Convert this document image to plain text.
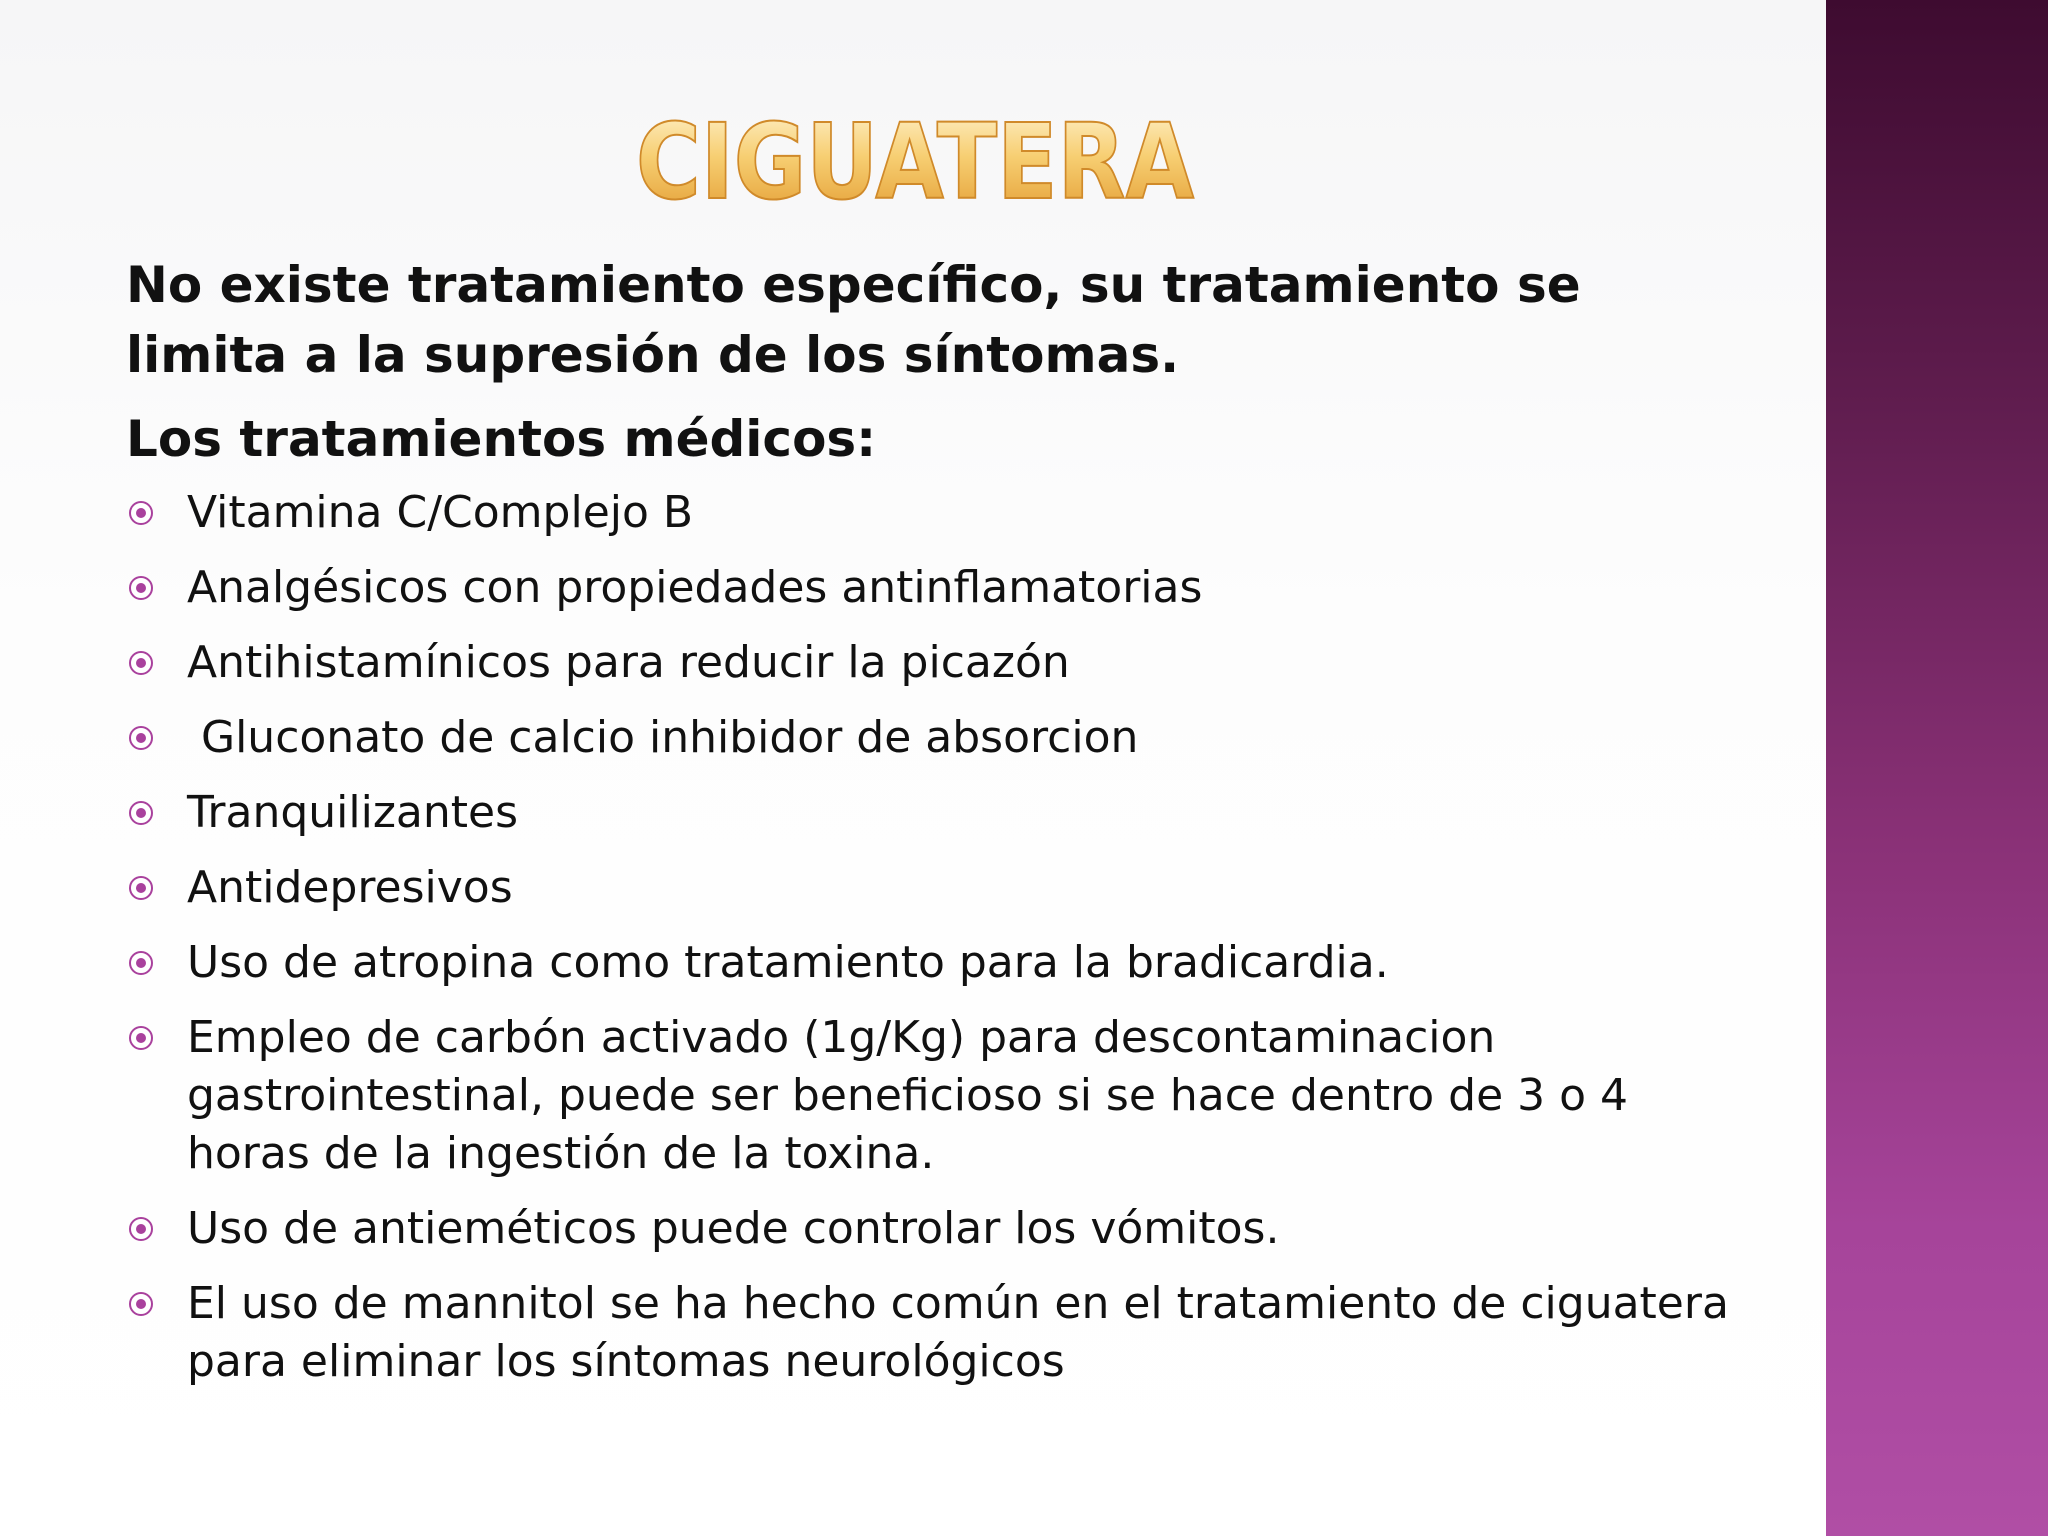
CIGUATERA

No existe tratamiento específico, su tratamiento se limita a la supresión de los síntomas.

Los tratamientos médicos:

Vitamina C/Complejo B
Analgésicos con propiedades antinflamatorias
Antihistamínicos para reducir la picazón
Gluconato de calcio inhibidor de absorcion
Tranquilizantes
Antidepresivos
Uso de atropina como tratamiento para la bradicardia.
Empleo de carbón activado (1g/Kg) para descontaminacion gastrointestinal, puede ser beneficioso si se hace dentro de 3 o 4 horas de la ingestión de la toxina.
Uso de antieméticos puede controlar los vómitos.
El uso de mannitol se ha hecho común en el tratamiento de ciguatera para eliminar los síntomas neurológicos
